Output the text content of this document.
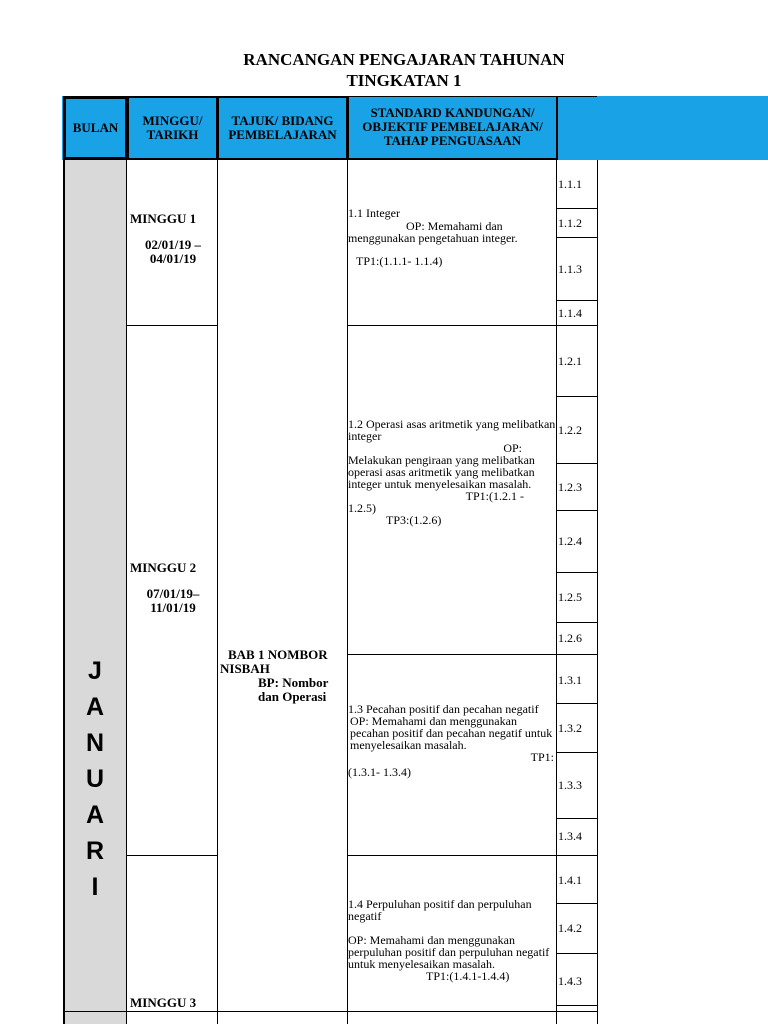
RANCANGAN PENGAJARAN TAHUNAN
TINGKATAN 1
BULAN	MINGGU/ TARIKH
TAJUK/ BIDANG PEMBELAJARAN
STANDARD KANDUNGAN/ OBJEKTIF PEMBELAJARAN/ TAHAP PENGUASAAN
J
A
N
U
A
R
I
MINGGU 1
02/01/19 – 04/01/19
MINGGU 2
07/01/19– 11/01/19
MINGGU 3
BAB 1 NOMBOR
NISBAH
BP: Nombor dan Operasi
1.1 Integer
OP: Memahami dan menggunakan pengetahuan integer.
TP1:(1.1.1- 1.1.4)
1.2 Operasi asas aritmetik yang melibatkan integer
OP:
Melakukan pengiraan yang melibatkan operasi asas aritmetik yang melibatkan integer untuk menyelesaikan masalah.
TP1:(1.2.1 -
1.2.5)
TP3:(1.2.6)
1.3 Pecahan positif dan pecahan negatif
OP: Memahami dan menggunakan pecahan positif dan pecahan negatif untuk menyelesaikan masalah.
TP1:
(1.3.1- 1.3.4)
1.4 Perpuluhan positif dan perpuluhan negatif
OP: Memahami dan menggunakan perpuluhan positif dan perpuluhan negatif untuk menyelesaikan masalah.
TP1:(1.4.1-1.4.4)
1.1.1
1.1.2
1.1.3
1.1.4
1.2.1
1.2.2
1.2.3
1.2.4
1.2.5
1.2.6
1.3.1
1.3.2
1.3.3
1.3.4
1.4.1
1.4.2
1.4.3
